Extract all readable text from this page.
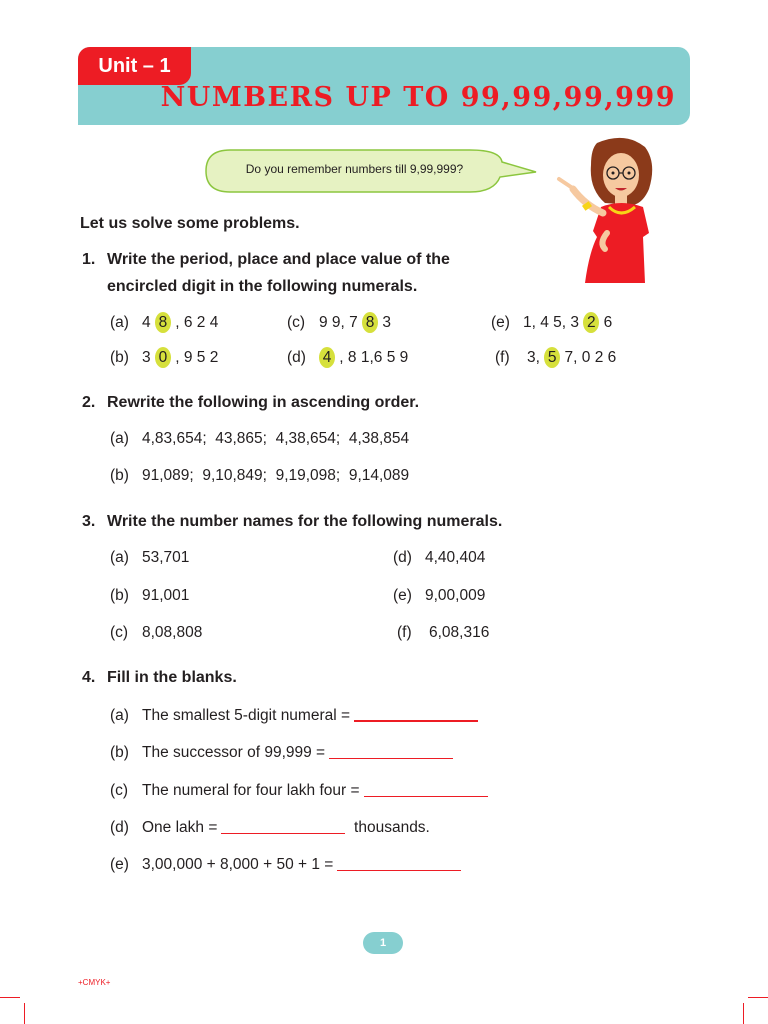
Unit – 1
NUMBERS UP TO 99,99,99,999
Do you remember numbers till 9,99,999?
Let us solve some problems.
1. Write the period, place and place value of the
encircled digit in the following numerals.
(a) 4 8 , 6 2 4	(c) 9 9, 7 8 3	(e) 1, 4 5, 3 2 6
(b) 3 0 , 9 5 2	(d) 4 , 8 1,6 5 9	(f) 3, 5 7, 0 2 6
2. Rewrite the following in ascending order.
(a) 4,83,654;  43,865;  4,38,654;  4,38,854
(b) 91,089;  9,10,849;  9,19,098;  9,14,089
3. Write the number names for the following numerals.
(a) 53,701	(d) 4,40,404
(b) 91,001	(e) 9,00,009
(c) 8,08,808	(f) 6,08,316
4. Fill in the blanks.
(a) The smallest 5-digit numeral =
(b) The successor of 99,999 =
(c) The numeral for four lakh four =
(d) One lakh =	thousands.
(e) 3,00,000 + 8,000 + 50 + 1 =
1
+CMYK+
